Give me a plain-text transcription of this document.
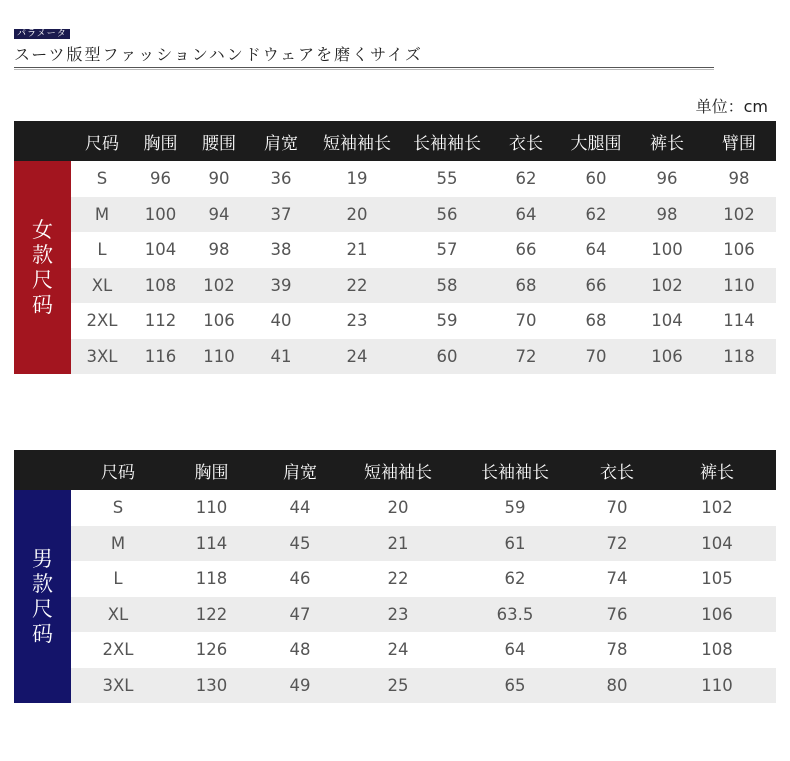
パラメータ
スーツ版型ファッションハンドウェアを磨くサイズ
单位：cm
尺码	胸围	腰围	肩宽	短袖袖长	长袖袖长	衣长	大腿围	裤长	臂围
女
款
尺
码
S	96	90	36	19	55	62	60	96	98
M	100	94	37	20	56	64	62	98	102
L	104	98	38	21	57	66	64	100	106
XL	108	102	39	22	58	68	66	102	110
2XL	112	106	40	23	59	70	68	104	114
3XL	116	110	41	24	60	72	70	106	118
尺码	胸围	肩宽	短袖袖长	长袖袖长	衣长	裤长
男
款
尺
码
S	110	44	20	59	70	102
M	114	45	21	61	72	104
L	118	46	22	62	74	105
XL	122	47	23	63.5	76	106
2XL	126	48	24	64	78	108
3XL	130	49	25	65	80	110
